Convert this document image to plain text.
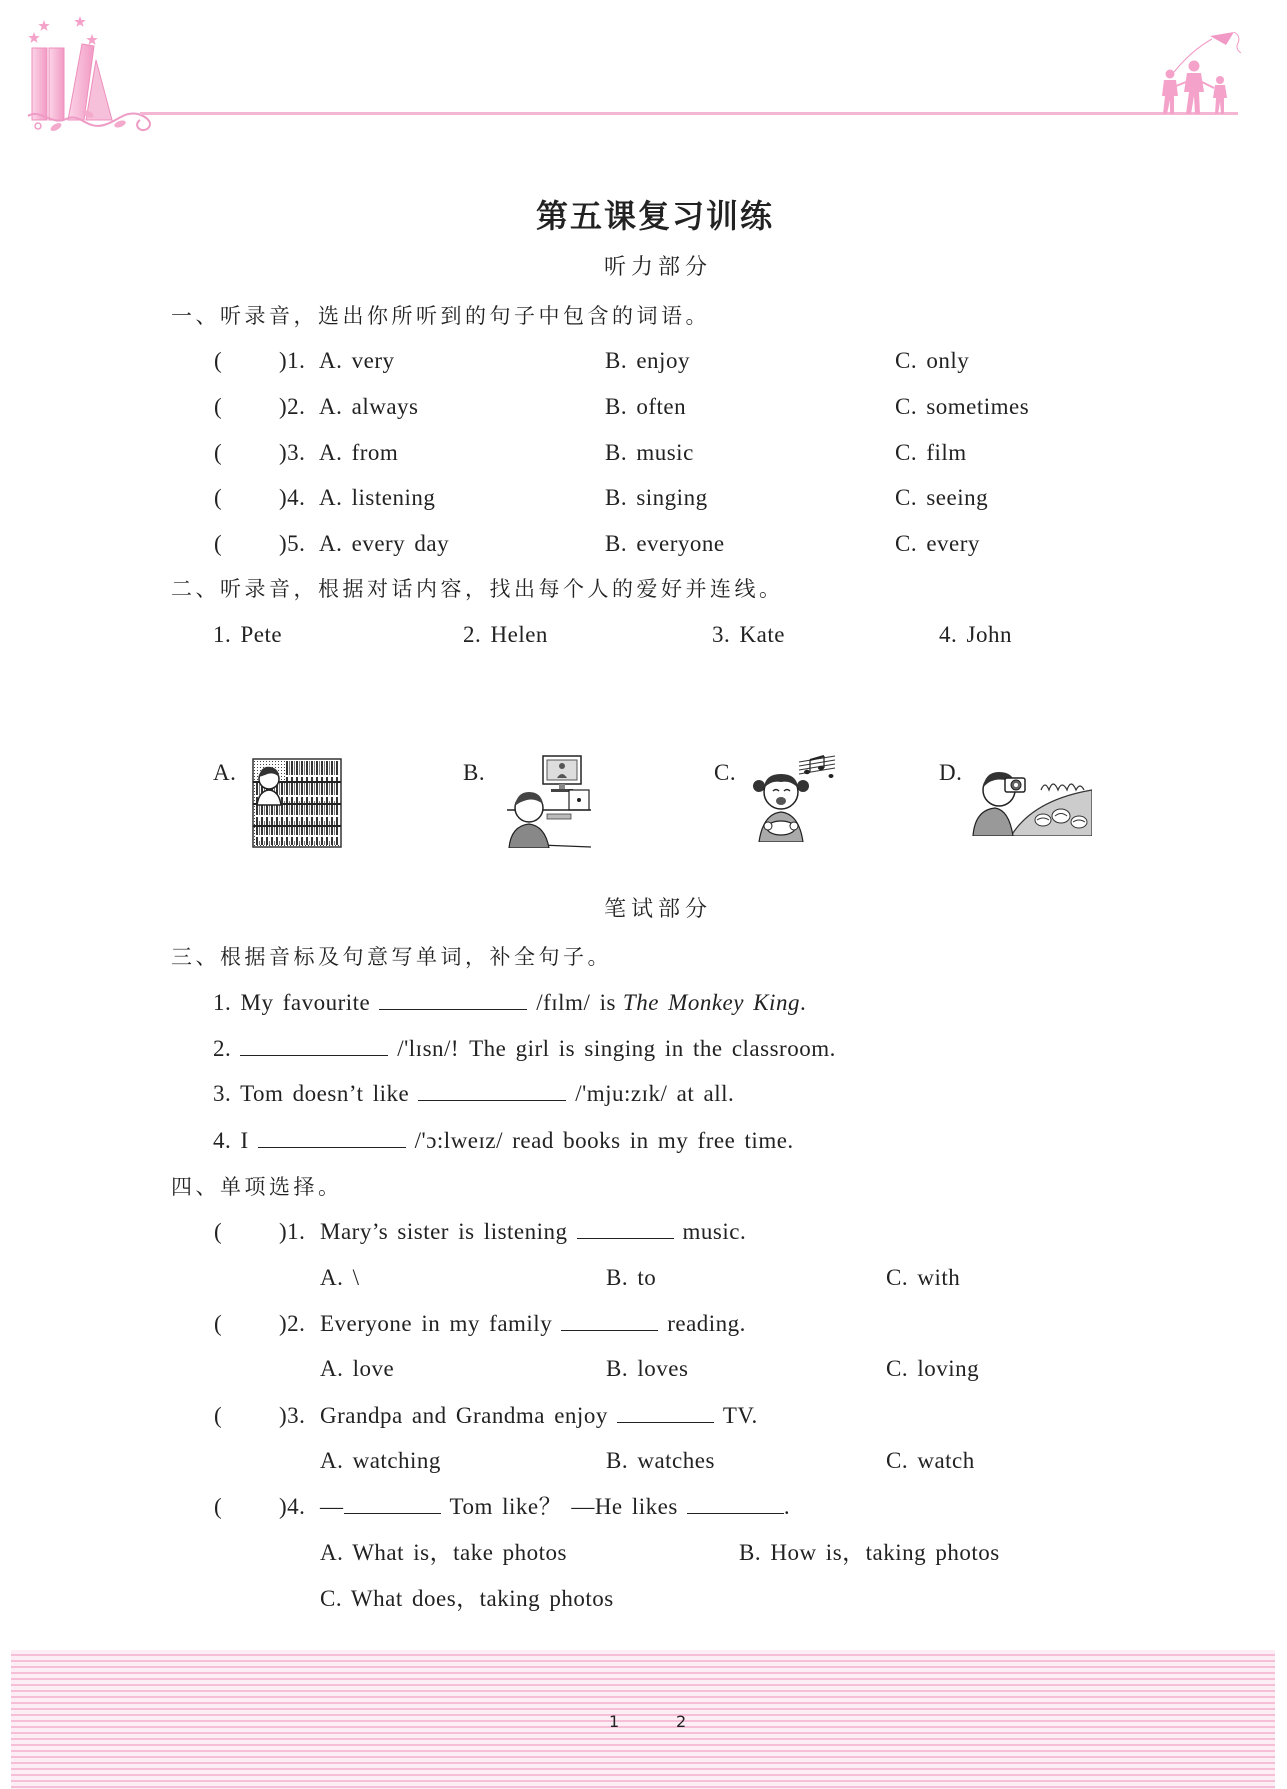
第五课复习训练
听力部分
一、听录音，选出你所听到的句子中包含的词语。
( )1. A. very	B. enjoy	C. only
( )2. A. always	B. often	C. sometimes
( )3. A. from	B. music	C. film
( )4. A. listening	B. singing	C. seeing
( )5. A. every day	B. everyone	C. every
二、听录音，根据对话内容，找出每个人的爱好并连线。
1. Pete	2. Helen	3. Kate	4. John
A.	B.	C.	D.
笔试部分
三、根据音标及句意写单词，补全句子。
1. My favourite	/fɪlm/ is The Monkey King.
2.	/'lɪsn/! The girl is singing in the classroom.
3. Tom doesn’t like	/'mju:zɪk/ at all.
4. I	/'ɔ:lweɪz/ read books in my free time.
四、单项选择。
( )1. Mary’s sister is listening	music.
A. \	B. to	C. with
( )2. Everyone in my family	reading.
A. love	B. loves	C. loving
( )3. Grandpa and Grandma enjoy	TV.
A. watching	B. watches	C. watch
( )4. —	Tom like？ —He likes	.
A. What is，take photos	B. How is，taking photos
C. What does，taking photos
1	2
